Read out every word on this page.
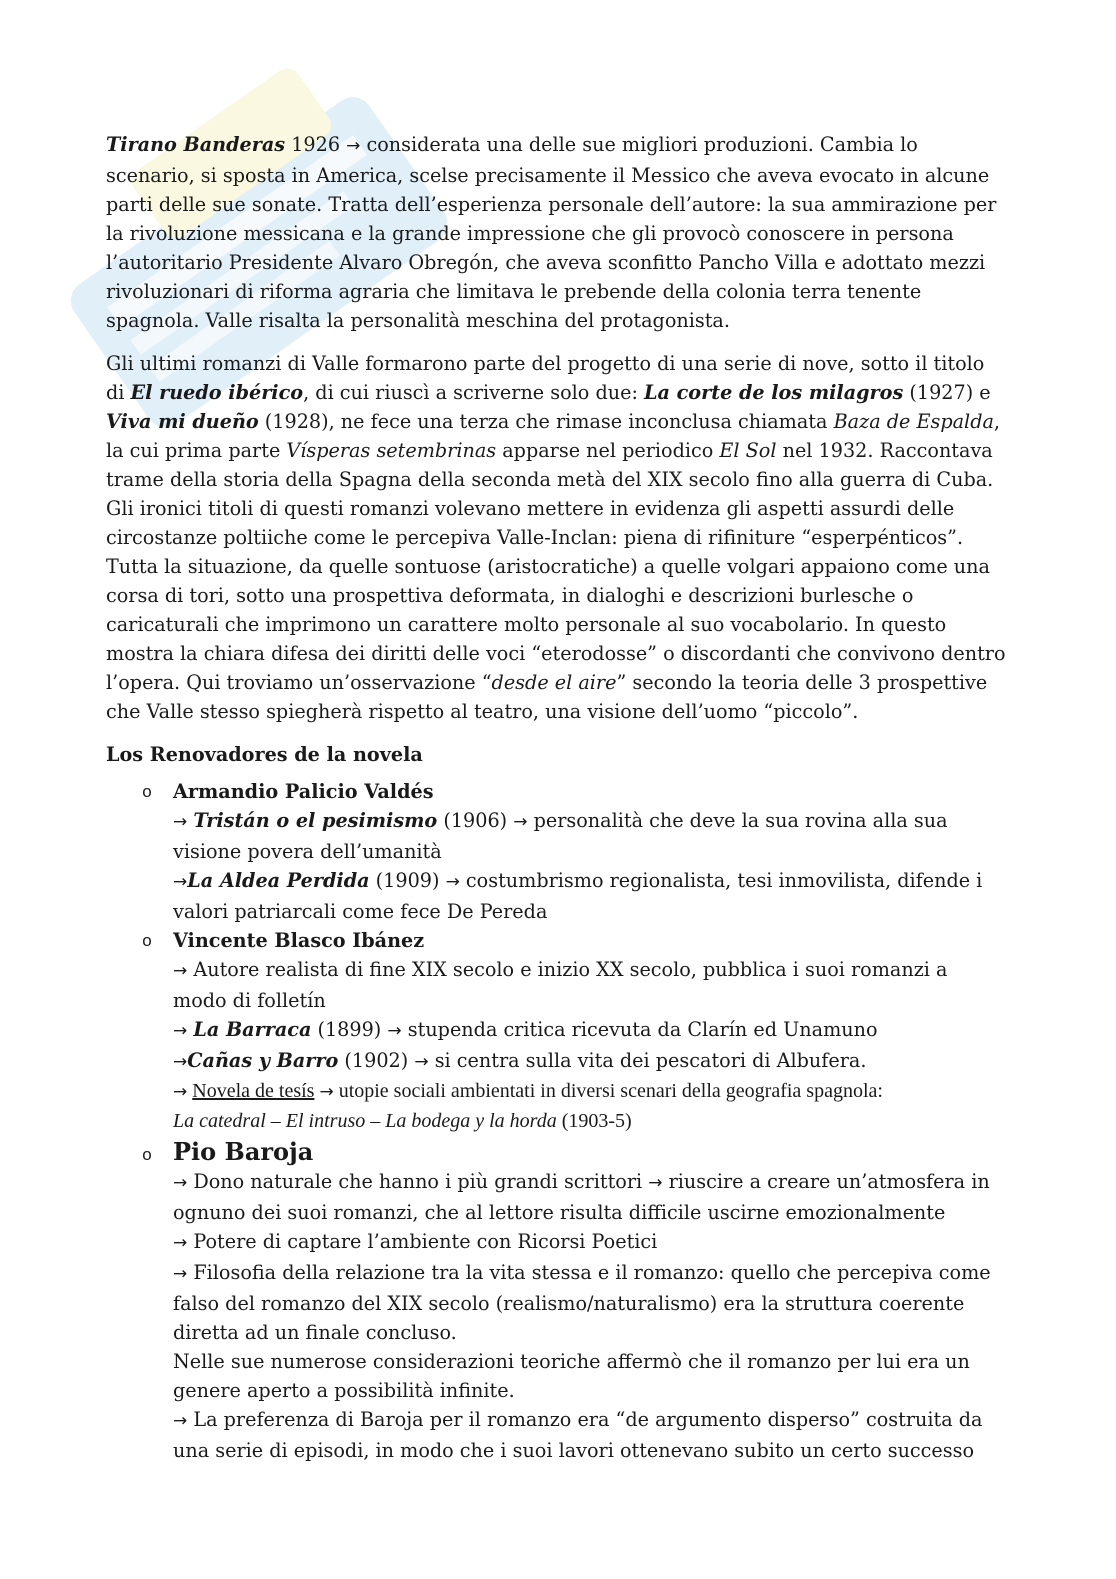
Tirano Banderas 1926 → considerata una delle sue migliori produzioni. Cambia lo scenario, si sposta in America, scelse precisamente il Messico che aveva evocato in alcune parti delle sue sonate. Tratta dell’esperienza personale dell’autore: la sua ammirazione per la rivoluzione messicana e la grande impressione che gli provocò conoscere in persona l’autoritario Presidente Alvaro Obregón, che aveva sconfitto Pancho Villa e adottato mezzi rivoluzionari di riforma agraria che limitava le prebende della colonia terra tenente spagnola. Valle risalta la personalità meschina del protagonista.

Gli ultimi romanzi di Valle formarono parte del progetto di una serie di nove, sotto il titolo di El ruedo ibérico, di cui riuscì a scriverne solo due: La corte de los milagros (1927) e Viva mi dueño (1928), ne fece una terza che rimase inconclusa chiamata Baza de Espalda, la cui prima parte Vísperas setembrinas apparse nel periodico El Sol nel 1932. Raccontava trame della storia della Spagna della seconda metà del XIX secolo fino alla guerra di Cuba.

Gli ironici titoli di questi romanzi volevano mettere in evidenza gli aspetti assurdi delle circostanze poltiiche come le percepiva Valle-Inclan: piena di rifiniture “esperpénticos”. Tutta la situazione, da quelle sontuose (aristocratiche) a quelle volgari appaiono come una corsa di tori, sotto una prospettiva deformata, in dialoghi e descrizioni burlesche o caricaturali che imprimono un carattere molto personale al suo vocabolario. In questo mostra la chiara difesa dei diritti delle voci “eterodosse” o discordanti che convivono dentro l’opera. Qui troviamo un’osservazione “desde el aire” secondo la teoria delle 3 prospettive che Valle stesso spiegherà rispetto al teatro, una visione dell’uomo “piccolo”.

Los Renovadores de la novela

o Armandio Palicio Valdés
→ Tristán o el pesimismo (1906) → personalità che deve la sua rovina alla sua visione povera dell’umanità
→La Aldea Perdida (1909) → costumbrismo regionalista, tesi inmovilista, difende i valori patriarcali come fece De Pereda
o Vincente Blasco Ibánez
→ Autore realista di fine XIX secolo e inizio XX secolo, pubblica i suoi romanzi a modo di folletín
→ La Barraca (1899) → stupenda critica ricevuta da Clarín ed Unamuno
→Cañas y Barro (1902) → si centra sulla vita dei pescatori di Albufera.
→ Novela de tesís → utopie sociali ambientati in diversi scenari della geografia spagnola:
La catedral – El intruso – La bodega y la horda (1903-5)
o Pio Baroja
→ Dono naturale che hanno i più grandi scrittori → riuscire a creare un’atmosfera in ognuno dei suoi romanzi, che al lettore risulta difficile uscirne emozionalmente
→ Potere di captare l’ambiente con Ricorsi Poetici
→ Filosofia della relazione tra la vita stessa e il romanzo: quello che percepiva come falso del romanzo del XIX secolo (realismo/naturalismo) era la struttura coerente diretta ad un finale concluso.
Nelle sue numerose considerazioni teoriche affermò che il romanzo per lui era un genere aperto a possibilità infinite.
→ La preferenza di Baroja per il romanzo era “de argumento disperso” costruita da una serie di episodi, in modo che i suoi lavori ottenevano subito un certo successo
